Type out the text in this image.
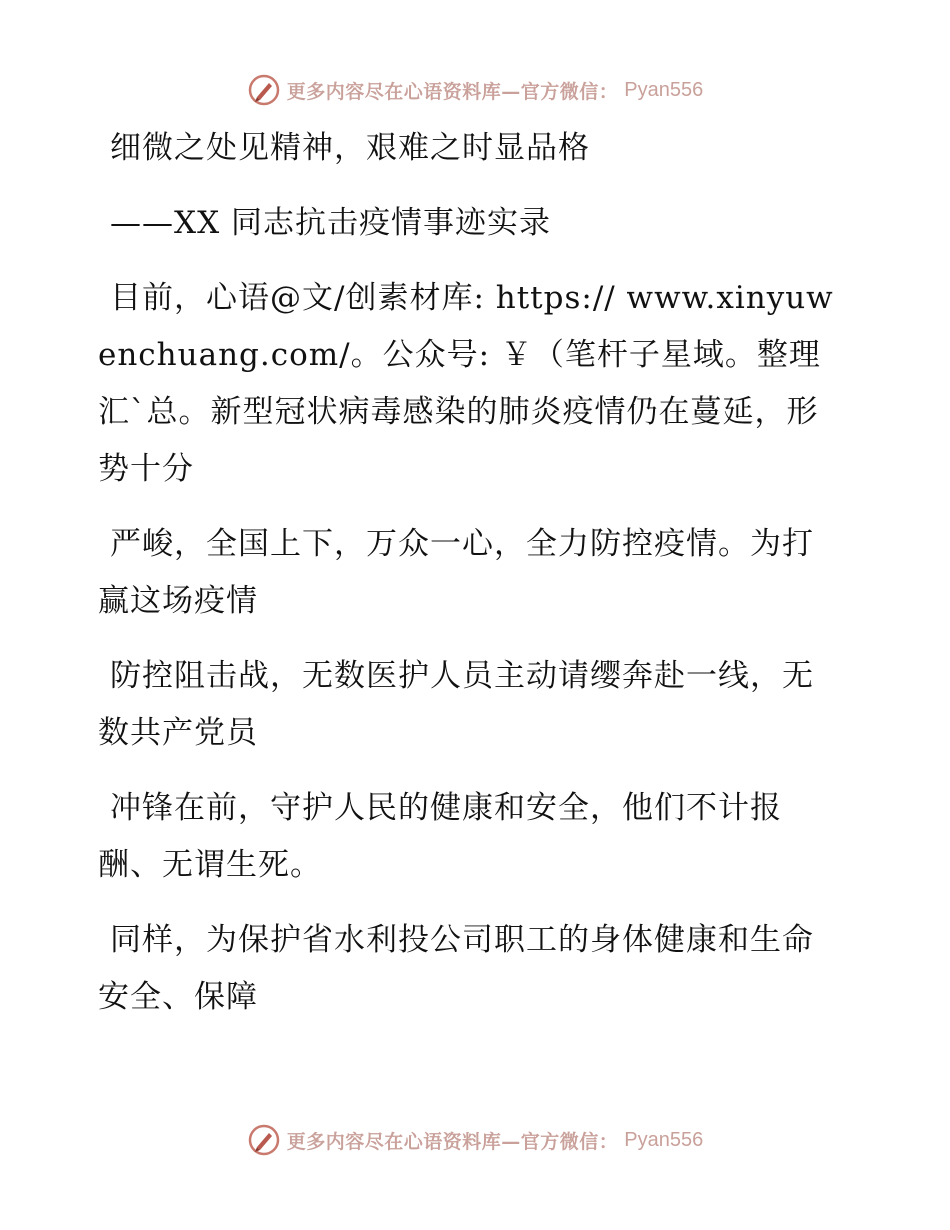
更多内容尽在心语资料库—官方微信： Pyan556

细微之处见精神，艰难之时显品格

——XX 同志抗击疫情事迹实录

目前，心语@文/创素材库: https:// www.xinyuwenchuang.com/。公众号: ￥（笔杆子星域。整理汇`总。新型冠状病毒感染的肺炎疫情仍在蔓延，形势十分

严峻，全国上下，万众一心，全力防控疫情。为打赢这场疫情

防控阻击战，无数医护人员主动请缨奔赴一线，无数共产党员

冲锋在前，守护人民的健康和安全，他们不计报酬、无谓生死。

同样，为保护省水利投公司职工的身体健康和生命安全、保障

更多内容尽在心语资料库—官方微信： Pyan556
